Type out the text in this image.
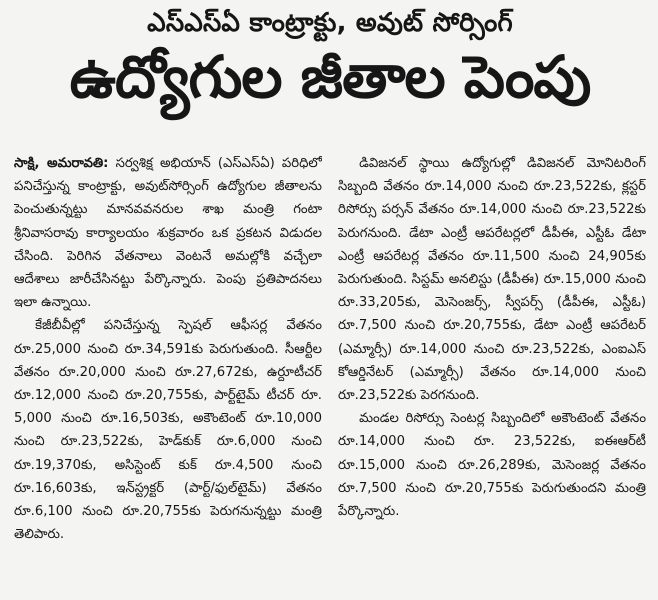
ఎస్‌ఎస్‌ఏ కాంట్రాక్టు, అవుట్ సోర్సింగ్
ఉద్యోగుల జీతాల పెంపు

సాక్షి, అమరావతి: సర్వశిక్ష అభియాన్ (ఎస్‌ఎస్‌ఏ) పరిధిలో పనిచేస్తున్న కాంట్రాక్టు, అవుట్‌సోర్సింగ్ ఉద్యోగుల జీతాలను పెంచుతున్నట్టు మానవవనరుల శాఖ మంత్రి గంటా శ్రీనివాసరావు కార్యాలయం శుక్రవారం ఒక ప్రకటన విడుదల చేసింది. పెరిగిన వేతనాలు వెంటనే అమల్లోకి వచ్చేలా ఆదేశాలు జారీచేసినట్టు పేర్కొన్నారు. పెంపు ప్రతిపాదనలు ఇలా ఉన్నాయి.

కేజీబీవీల్లో పనిచేస్తున్న స్పెషల్ ఆఫీసర్ల వేతనం రూ.25,000 నుంచి రూ.34,591కు పెరుగుతుంది. సీఆర్టీల వేతనం రూ.20,000 నుంచి రూ.27,672కు, ఉర్దూటీచర్ రూ.12,000 నుంచి రూ.20,755కు, పార్ట్‌టైమ్ టీచర్ రూ. 5,000 నుంచి రూ.16,503కు, అకౌంటెంట్ రూ.10,000 నుంచి రూ.23,522కు, హెడ్‌కుక్ రూ.6,000 నుంచి రూ.19,370కు, అసిస్టెంట్ కుక్ రూ.4,500 నుంచి రూ.16,603కు, ఇన్‌స్ట్రక్టర్ (పార్ట్/ఫుల్‌టైమ్) వేతనం రూ.6,100 నుంచి రూ.20,755కు పెరుగనున్నట్టు మంత్రి తెలిపారు.

డివిజనల్ స్థాయి ఉద్యోగుల్లో డివిజనల్ మోనిటరింగ్ సిబ్బంది వేతనం రూ.14,000 నుంచి రూ.23,522కు, క్లస్టర్ రిసోర్సు పర్సన్ వేతనం రూ.14,000 నుంచి రూ.23,522కు పెరుగనుంది. డేటా ఎంట్రీ ఆపరేటర్లలో డీపీఈ, ఎస్టీఓ డేటా ఎంట్రీ ఆపరేటర్ల వేతనం రూ.11,500 నుంచి 24,905కు పెరుగుతుంది. సిస్టమ్ అనలిస్టు (డీపీఈ) రూ.15,000 నుంచి రూ.33,205కు, మెసెంజర్స్, స్వీపర్స్ (డీపీఈ, ఎస్టీఓ) రూ.7,500 నుంచి రూ.20,755కు, డేటా ఎంట్రీ ఆపరేటర్ (ఎమ్మార్సీ) రూ.14,000 నుంచి రూ.23,522కు, ఎంఐఎస్ కోఆర్డినేటర్ (ఎమ్మార్సీ) వేతనం రూ.14,000 నుంచి రూ.23,522కు పెరగనుంది.

మండల రిసోర్సు సెంటర్ల సిబ్బందిలో అకౌంటెంట్ వేతనం రూ.14,000 నుంచి రూ. 23,522కు, ఐఈఆర్‌టీ రూ.15,000 నుంచి రూ.26,289కు, మెసెంజర్ల వేతనం రూ.7,500 నుంచి రూ.20,755కు పెరుగుతుందని మంత్రి పేర్కొన్నారు.
